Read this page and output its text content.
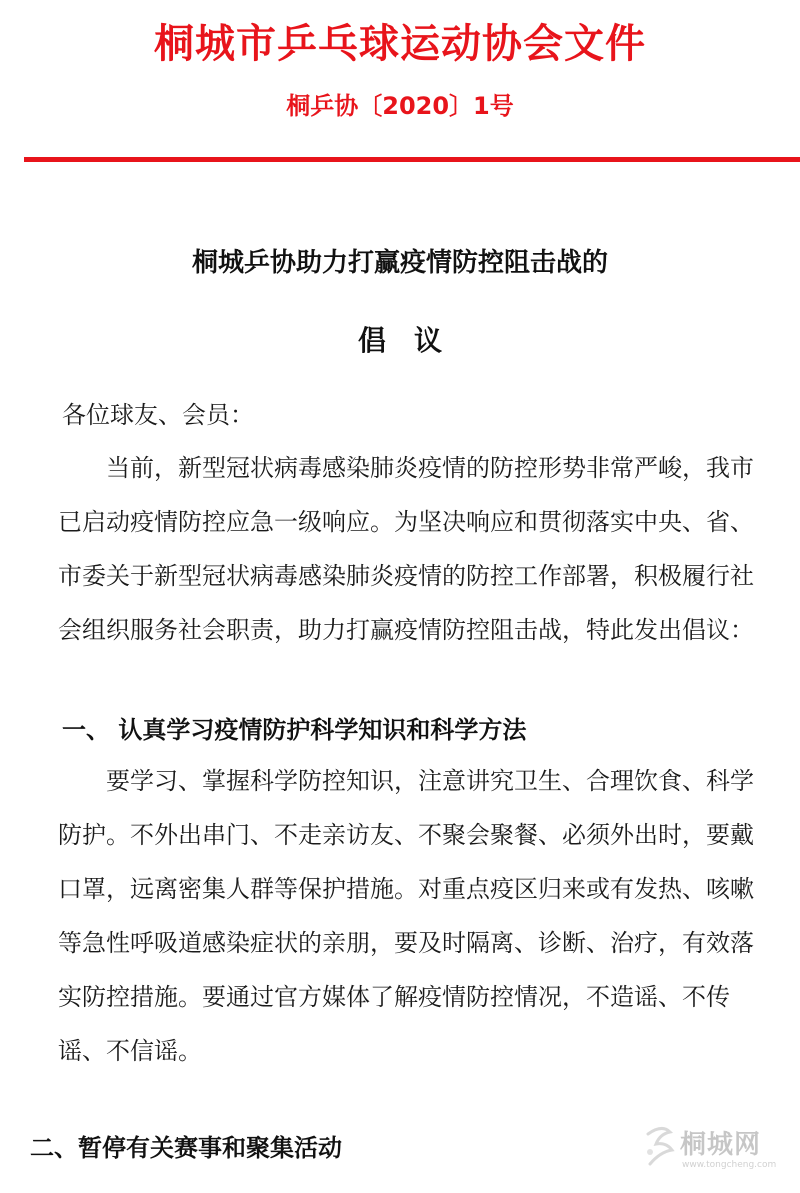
桐城市乒乓球运动协会文件
桐乒协〔2020〕1号
桐城乒协助力打赢疫情防控阻击战的
倡议
各位球友、会员：

当前，新型冠状病毒感染肺炎疫情的防控形势非常严峻，我市已启动疫情防控应急一级响应。为坚决响应和贯彻落实中央、省、市委关于新型冠状病毒感染肺炎疫情的防控工作部署，积极履行社会组织服务社会职责，助力打赢疫情防控阻击战，特此发出倡议：

一、 认真学习疫情防护科学知识和科学方法

要学习、掌握科学防控知识，注意讲究卫生、合理饮食、科学防护。不外出串门、不走亲访友、不聚会聚餐、必须外出时，要戴口罩，远离密集人群等保护措施。对重点疫区归来或有发热、咳嗽等急性呼吸道感染症状的亲朋，要及时隔离、诊断、治疗，有效落实防控措施。要通过官方媒体了解疫情防控情况，不造谣、不传谣、不信谣。

二、暂停有关赛事和聚集活动	桐城网
www.tongcheng.com
